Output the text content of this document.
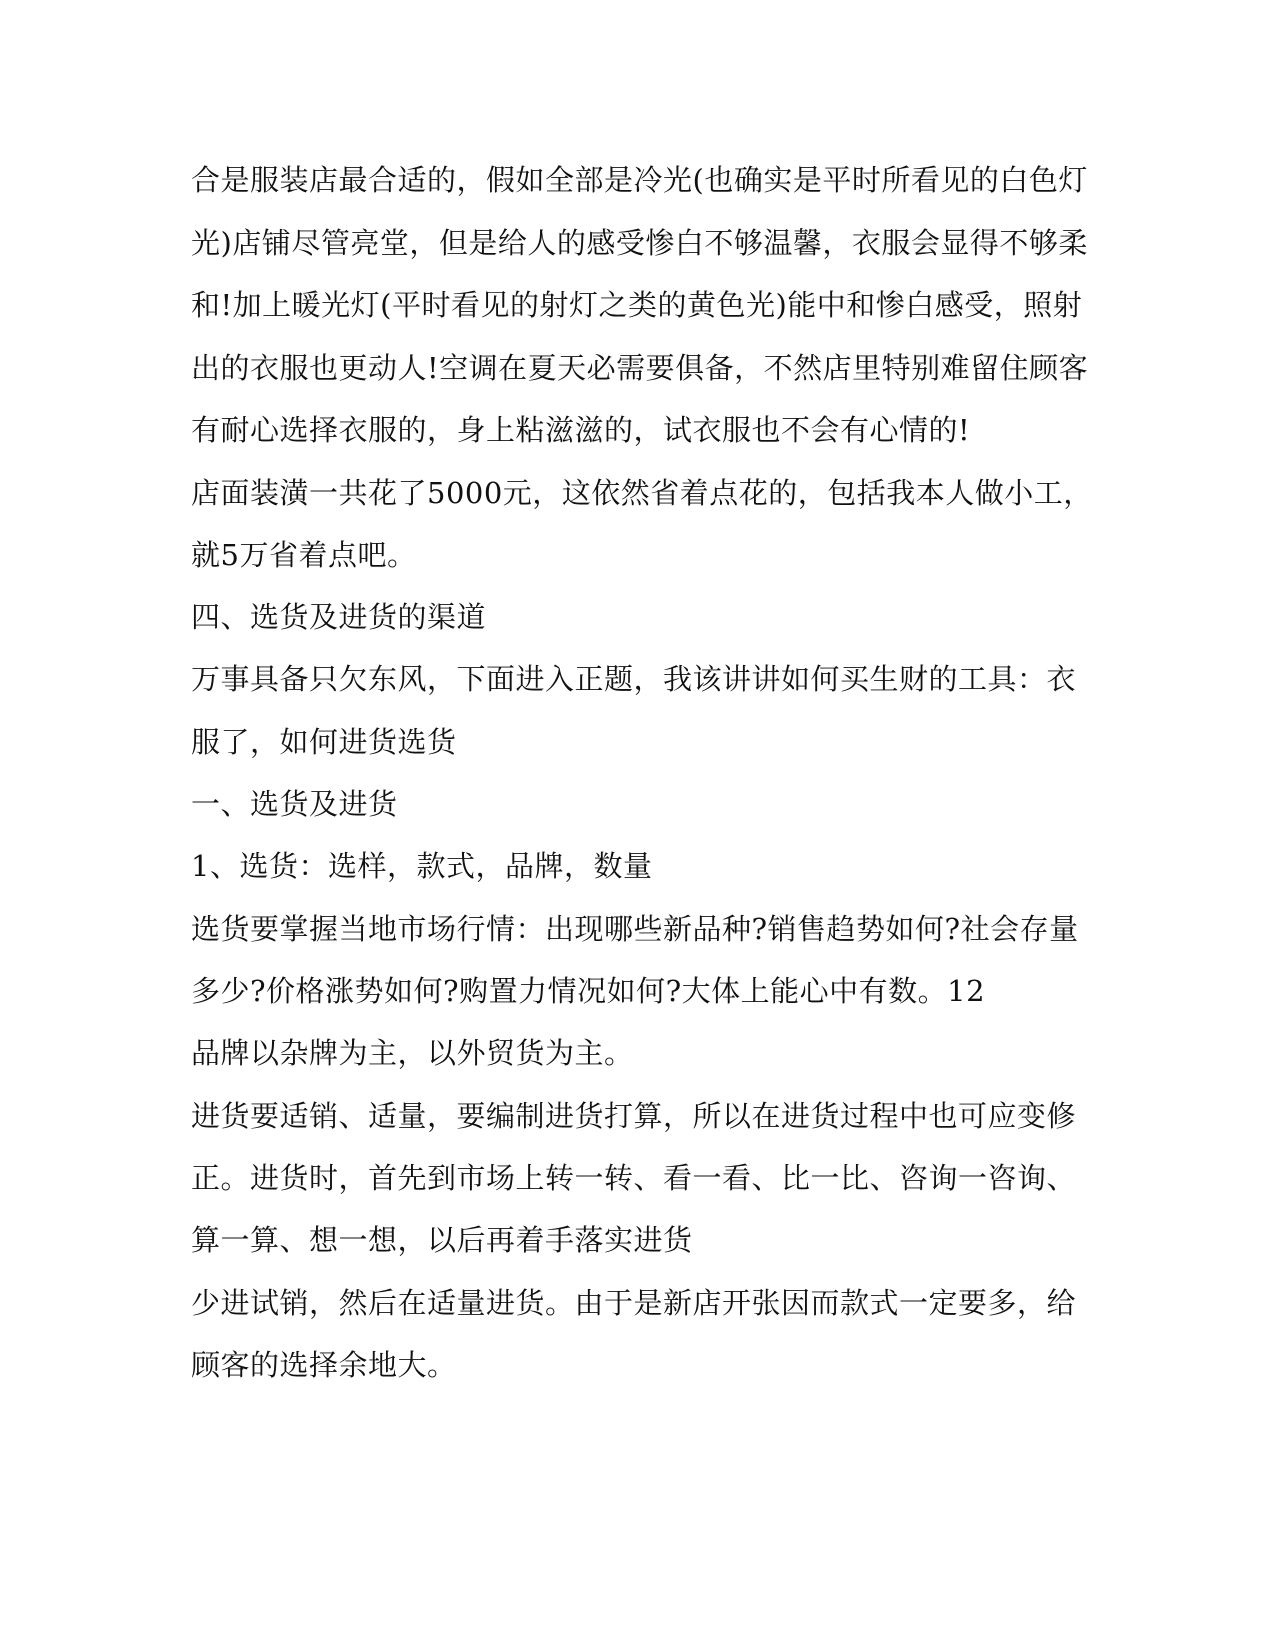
合是服装店最合适的，假如全部是冷光(也确实是平时所看见的白色灯
光)店铺尽管亮堂，但是给人的感受惨白不够温馨，衣服会显得不够柔
和!加上暖光灯(平时看见的射灯之类的黄色光)能中和惨白感受，照射
出的衣服也更动人!空调在夏天必需要俱备，不然店里特别难留住顾客
有耐心选择衣服的，身上粘滋滋的，试衣服也不会有心情的!
店面装潢一共花了5000元，这依然省着点花的，包括我本人做小工，
就5万省着点吧。
四、选货及进货的渠道
万事具备只欠东风，下面进入正题，我该讲讲如何买生财的工具：衣
服了，如何进货选货
一、选货及进货
1、选货：选样，款式，品牌，数量
选货要掌握当地市场行情：出现哪些新品种?销售趋势如何?社会存量
多少?价格涨势如何?购置力情况如何?大体上能心中有数。12
品牌以杂牌为主，以外贸货为主。
进货要适销、适量，要编制进货打算，所以在进货过程中也可应变修
正。进货时，首先到市场上转一转、看一看、比一比、咨询一咨询、
算一算、想一想，以后再着手落实进货
少进试销，然后在适量进货。由于是新店开张因而款式一定要多，给
顾客的选择余地大。
